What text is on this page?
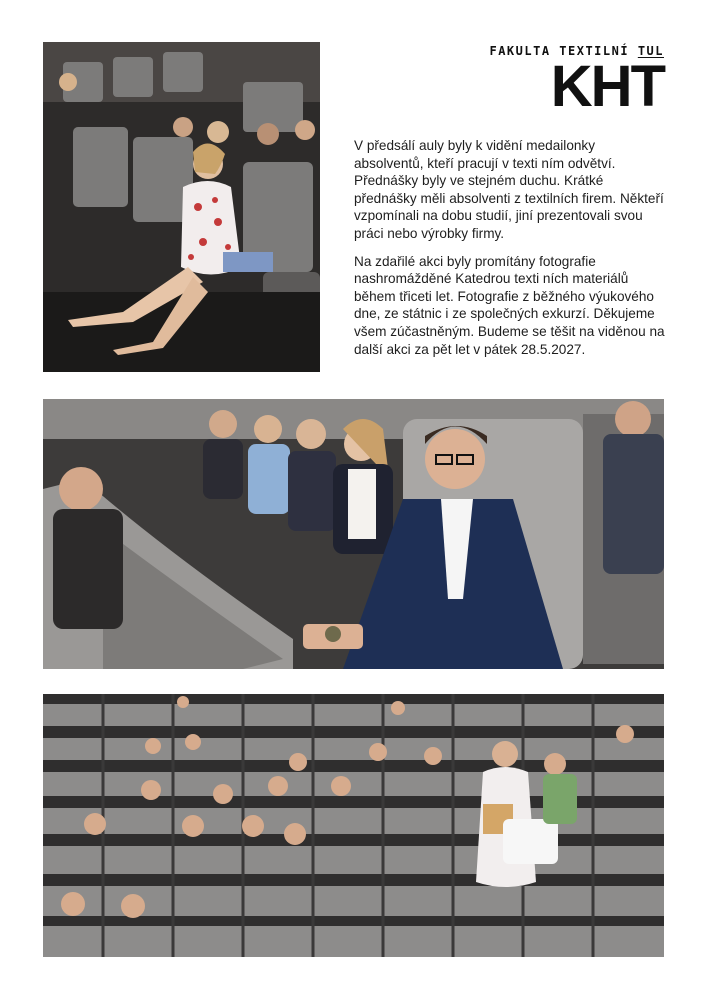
FAKULTA TEXTILNÍ TUL
KHT

V předsálí auly byly k vidění medailonky absolventů, kteří pracují v texti ním odvětví. Přednášky byly ve stejném duchu. Krátké přednášky měli absolventi z textilních firem. Někteří vzpomínali na dobu studií, jiní prezentovali svou práci nebo výrobky firmy.

Na zdařilé akci byly promítány fotografie nashromážděné Katedrou texti ních materiálů během třiceti let. Fotografie z běžného výukového dne, ze státnic i ze společných exkurzí. Děkujeme všem zúčastněným. Budeme se těšit na viděnou na další akci za pět let v pátek 28.5.2027.
